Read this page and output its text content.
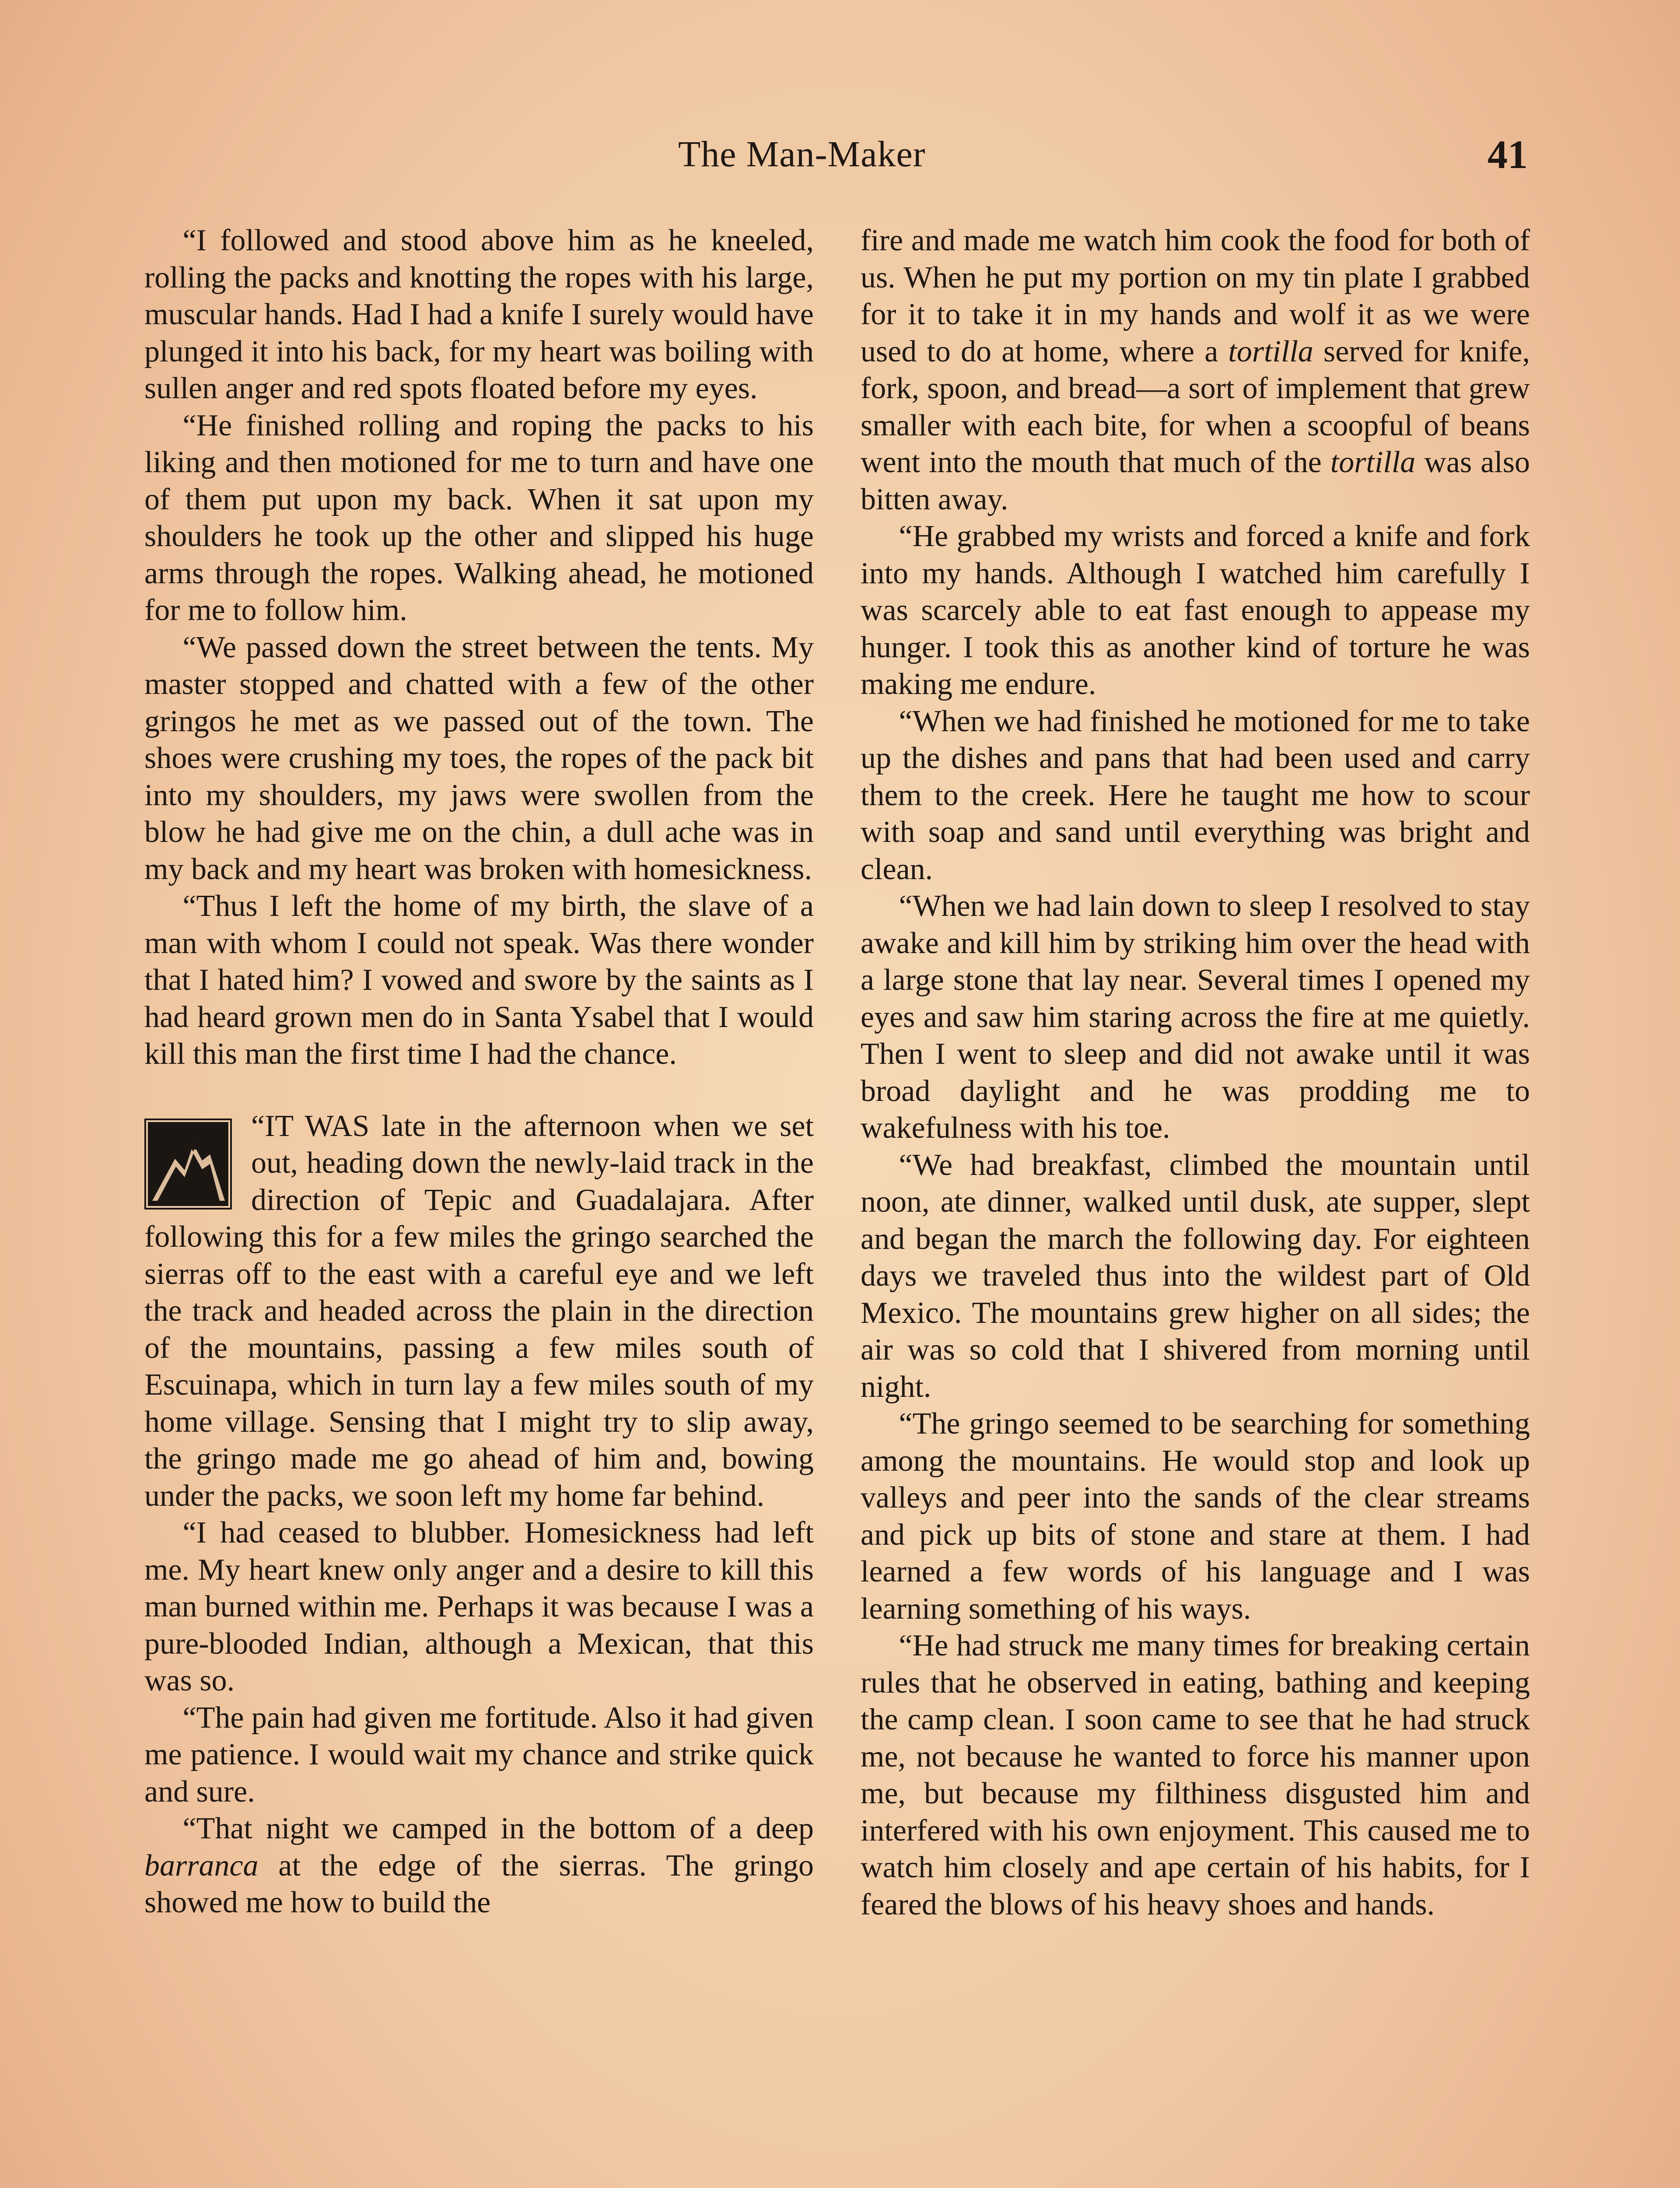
The Man-Maker	41

“I followed and stood above him as he kneeled, rolling the packs and knotting the ropes with his large, muscular hands. Had I had a knife I surely would have plunged it into his back, for my heart was boiling with sullen anger and red spots floated before my eyes.

“He finished rolling and roping the packs to his liking and then motioned for me to turn and have one of them put upon my back. When it sat upon my shoulders he took up the other and slipped his huge arms through the ropes. Walking ahead, he motioned for me to follow him.

“We passed down the street between the tents. My master stopped and chatted with a few of the other gringos he met as we passed out of the town. The shoes were crushing my toes, the ropes of the pack bit into my shoulders, my jaws were swollen from the blow he had give me on the chin, a dull ache was in my back and my heart was broken with homesickness.

“Thus I left the home of my birth, the slave of a man with whom I could not speak. Was there wonder that I hated him? I vowed and swore by the saints as I had heard grown men do in Santa Ysabel that I would kill this man the first time I had the chance.

“IT WAS late in the afternoon when we set out, heading down the newly-laid track in the direction of Tepic and Guadalajara. After following this for a few miles the gringo searched the sierras off to the east with a careful eye and we left the track and headed across the plain in the direction of the mountains, passing a few miles south of Escuinapa, which in turn lay a few miles south of my home village. Sensing that I might try to slip away, the gringo made me go ahead of him and, bowing under the packs, we soon left my home far behind.

“I had ceased to blubber. Homesickness had left me. My heart knew only anger and a desire to kill this man burned within me. Perhaps it was because I was a pure-blooded Indian, although a Mexican, that this was so.

“The pain had given me fortitude. Also it had given me patience. I would wait my chance and strike quick and sure.

“That night we camped in the bottom of a deep barranca at the edge of the sierras. The gringo showed me how to build the

fire and made me watch him cook the food for both of us. When he put my portion on my tin plate I grabbed for it to take it in my hands and wolf it as we were used to do at home, where a tortilla served for knife, fork, spoon, and bread—a sort of implement that grew smaller with each bite, for when a scoopful of beans went into the mouth that much of the tortilla was also bitten away.

“He grabbed my wrists and forced a knife and fork into my hands. Although I watched him carefully I was scarcely able to eat fast enough to appease my hunger. I took this as another kind of torture he was making me endure.

“When we had finished he motioned for me to take up the dishes and pans that had been used and carry them to the creek. Here he taught me how to scour with soap and sand until everything was bright and clean.

“When we had lain down to sleep I resolved to stay awake and kill him by striking him over the head with a large stone that lay near. Several times I opened my eyes and saw him staring across the fire at me quietly. Then I went to sleep and did not awake until it was broad daylight and he was prodding me to wakefulness with his toe.

“We had breakfast, climbed the mountain until noon, ate dinner, walked until dusk, ate supper, slept and began the march the following day. For eighteen days we traveled thus into the wildest part of Old Mexico. The mountains grew higher on all sides; the air was so cold that I shivered from morning until night.

“The gringo seemed to be searching for something among the mountains. He would stop and look up valleys and peer into the sands of the clear streams and pick up bits of stone and stare at them. I had learned a few words of his language and I was learning something of his ways.

“He had struck me many times for breaking certain rules that he observed in eating, bathing and keeping the camp clean. I soon came to see that he had struck me, not because he wanted to force his manner upon me, but because my filthiness disgusted him and interfered with his own enjoyment. This caused me to watch him closely and ape certain of his habits, for I feared the blows of his heavy shoes and hands.
